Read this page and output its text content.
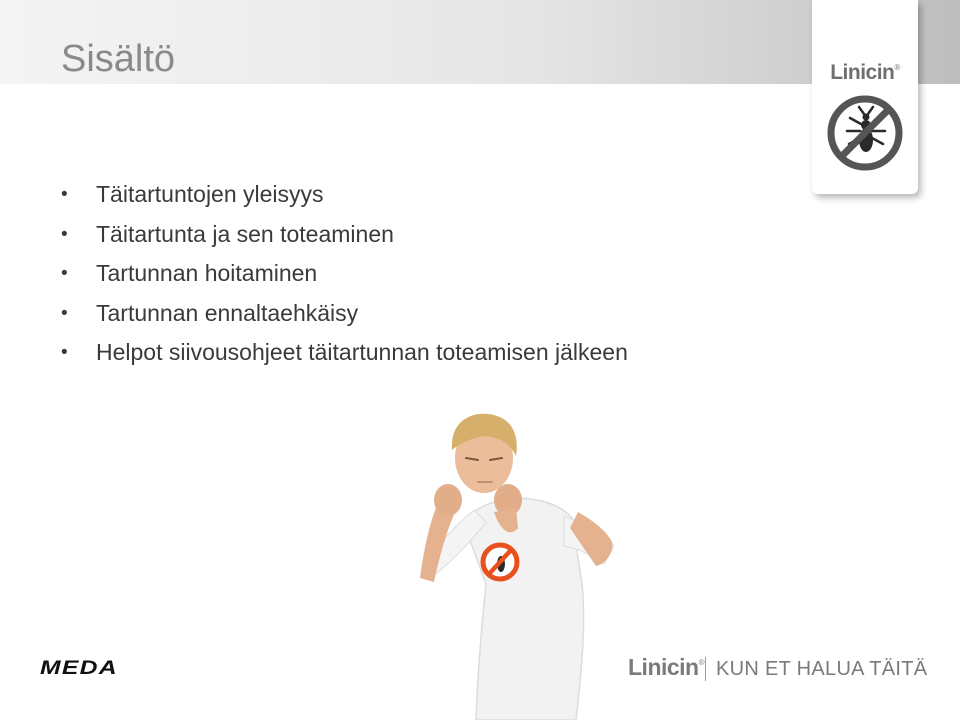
Sisältö	Linicin®
• Täitartuntojen yleisyys
• Täitartunta ja sen toteaminen
• Tartunnan hoitaminen
• Tartunnan ennaltaehkäisy
• Helpot siivousohjeet täitartunnan toteamisen jälkeen
MEDA	Linicin® KUN ET HALUA TÄITÄ
